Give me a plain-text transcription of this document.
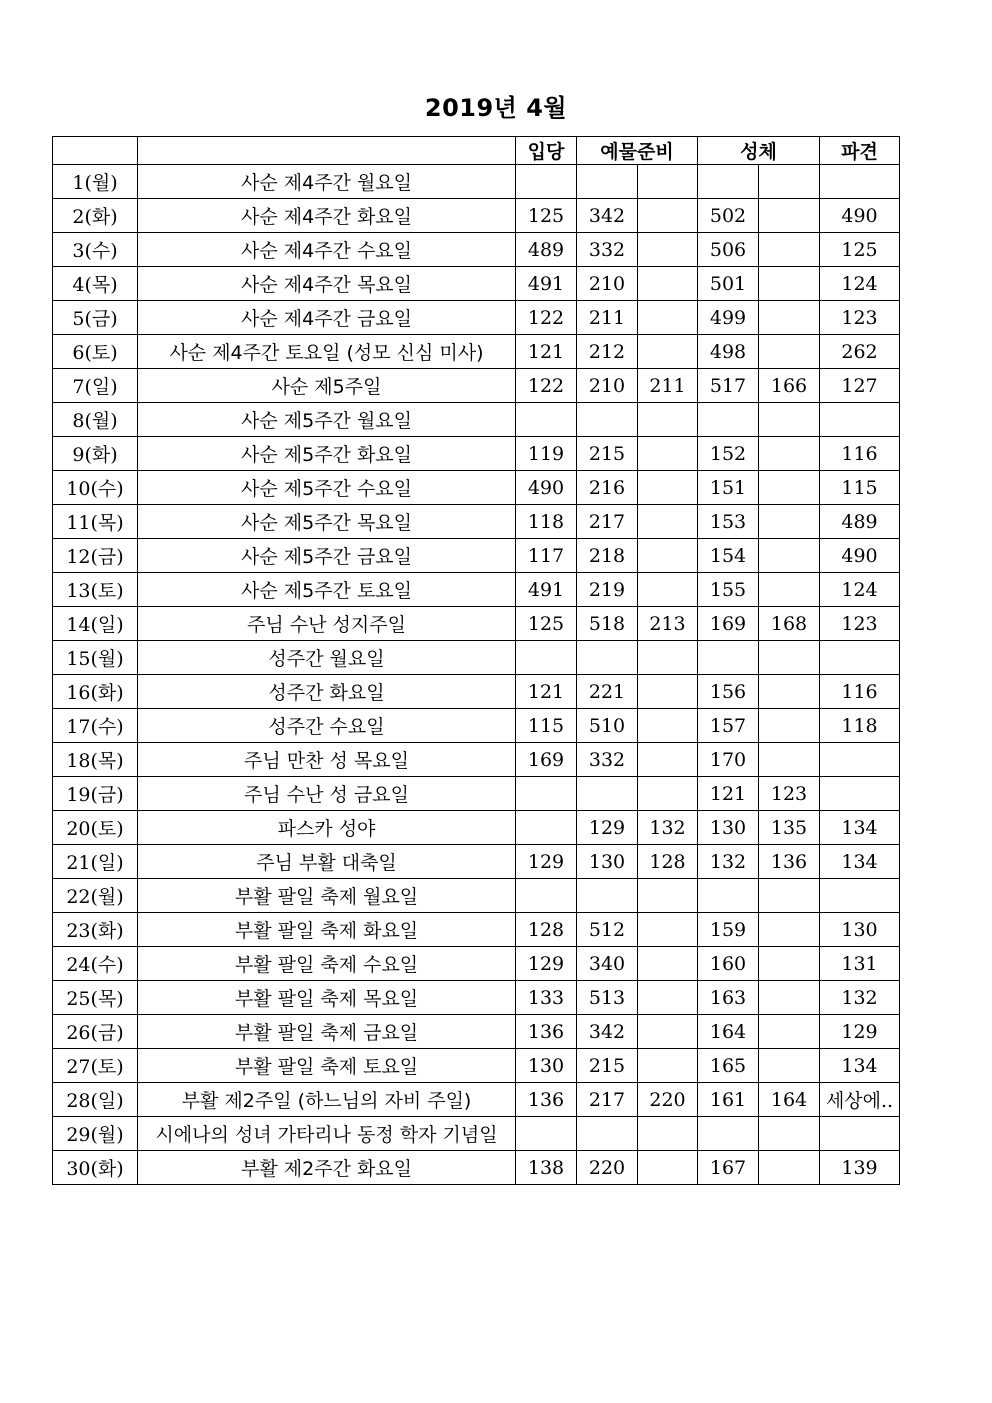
2019년 4월
		입당	예물준비		성체		파견
1(월)	사순 제4주간 월요일						
2(화)	사순 제4주간 화요일	125	342		502		490
3(수)	사순 제4주간 수요일	489	332		506		125
4(목)	사순 제4주간 목요일	491	210		501		124
5(금)	사순 제4주간 금요일	122	211		499		123
6(토)	사순 제4주간 토요일 (성모 신심 미사)	121	212		498		262
7(일)	사순 제5주일	122	210	211	517	166	127
8(월)	사순 제5주간 월요일						
9(화)	사순 제5주간 화요일	119	215		152		116
10(수)	사순 제5주간 수요일	490	216		151		115
11(목)	사순 제5주간 목요일	118	217		153		489
12(금)	사순 제5주간 금요일	117	218		154		490
13(토)	사순 제5주간 토요일	491	219		155		124
14(일)	주님 수난 성지주일	125	518	213	169	168	123
15(월)	성주간 월요일						
16(화)	성주간 화요일	121	221		156		116
17(수)	성주간 수요일	115	510		157		118
18(목)	주님 만찬 성 목요일	169	332		170		
19(금)	주님 수난 성 금요일				121	123	
20(토)	파스카 성야		129	132	130	135	134
21(일)	주님 부활 대축일	129	130	128	132	136	134
22(월)	부활 팔일 축제 월요일						
23(화)	부활 팔일 축제 화요일	128	512		159		130
24(수)	부활 팔일 축제 수요일	129	340		160		131
25(목)	부활 팔일 축제 목요일	133	513		163		132
26(금)	부활 팔일 축제 금요일	136	342		164		129
27(토)	부활 팔일 축제 토요일	130	215		165		134
28(일)	부활 제2주일 (하느님의 자비 주일)	136	217	220	161	164	세상에..
29(월)	시에나의 성녀 가타리나 동정 학자 기념일						
30(화)	부활 제2주간 화요일	138	220		167		139
